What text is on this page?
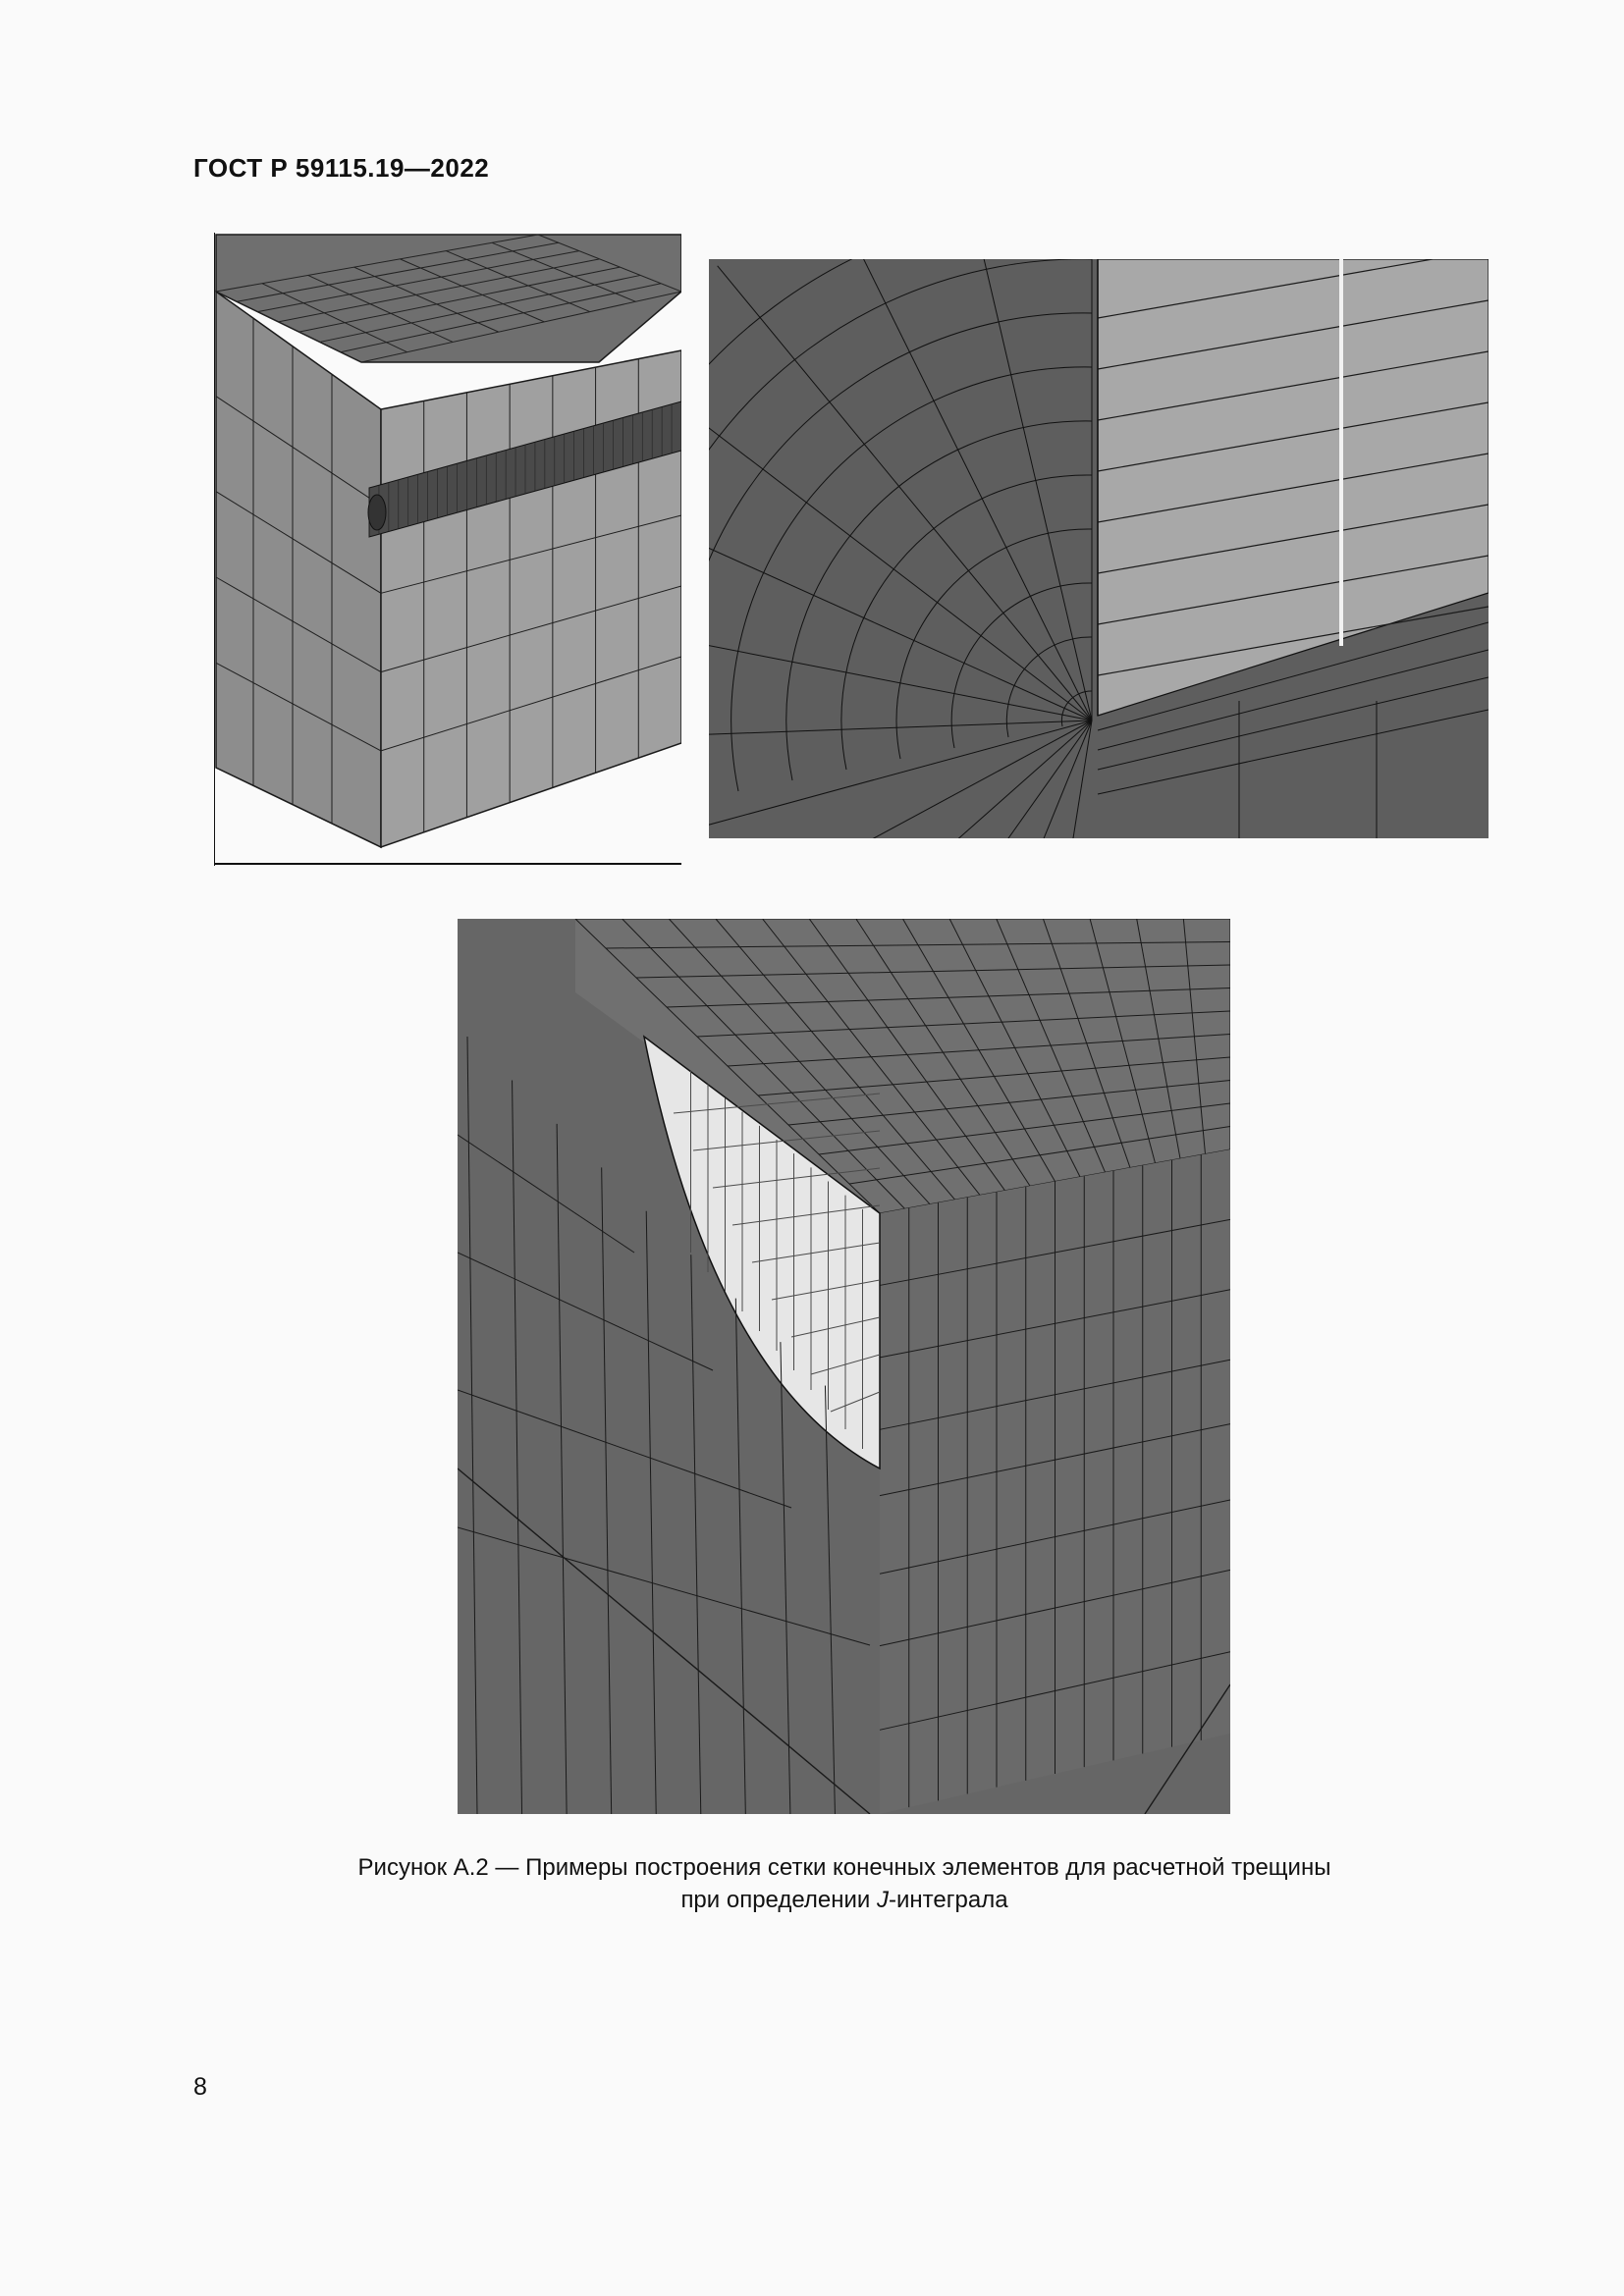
ГОСТ Р 59115.19—2022
Рисунок А.2 — Примеры построения сетки конечных элементов для расчетной трещины
при определении J-интеграла
8
